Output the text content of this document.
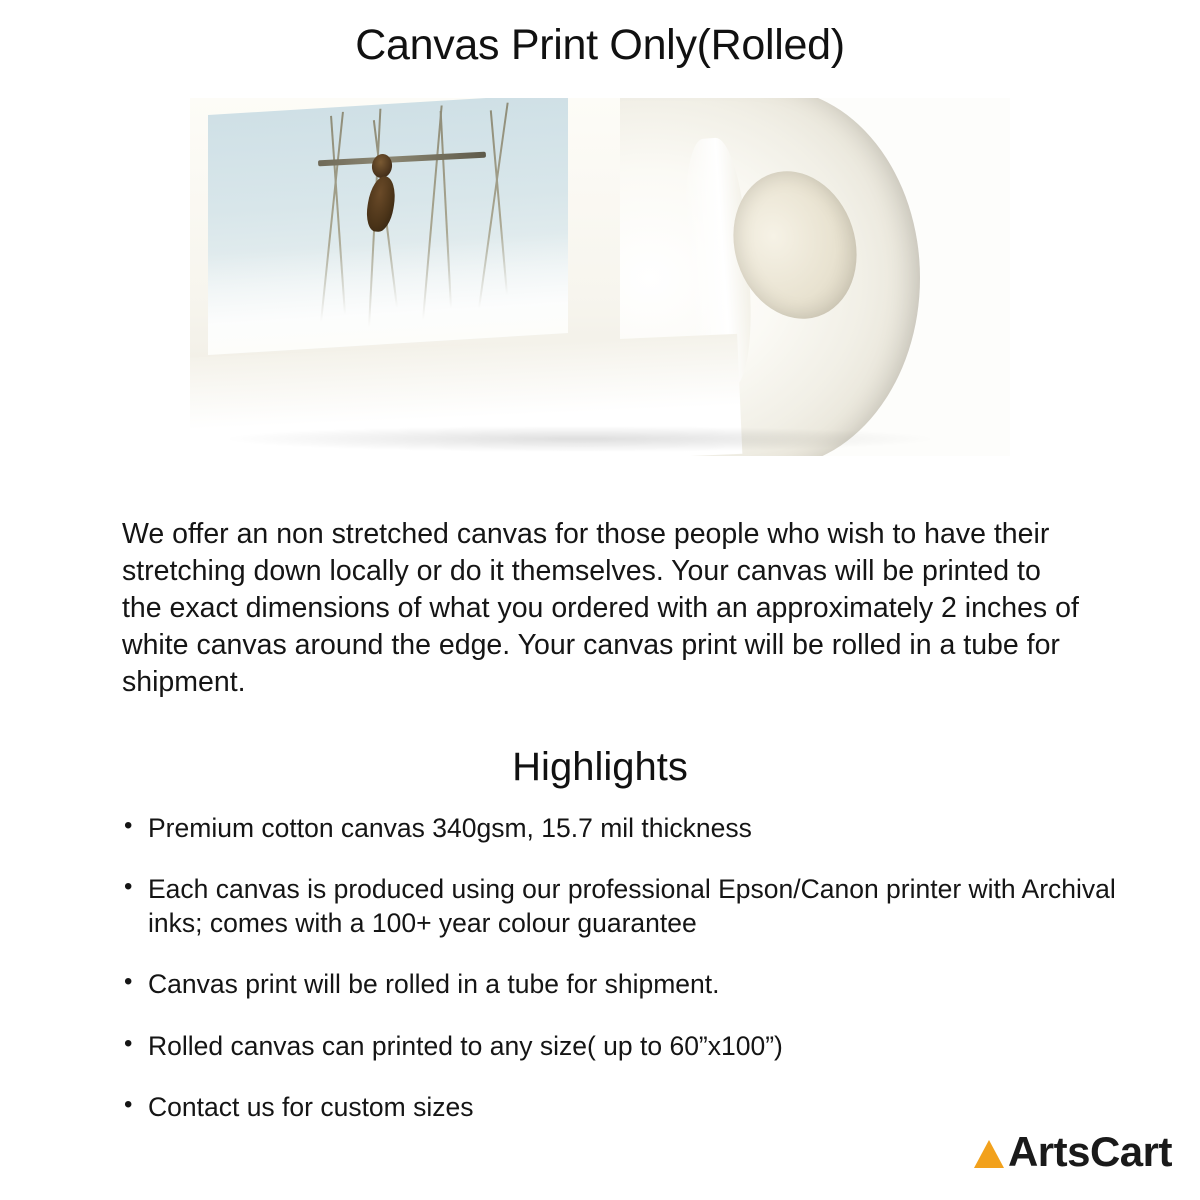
Canvas Print Only(Rolled)

We offer an non stretched canvas for those people who wish to have their stretching down locally or do it themselves. Your canvas will be printed to the exact dimensions of what you ordered with an approximately 2 inches of white canvas around the edge. Your canvas print will be rolled in a tube for shipment.

Highlights
• Premium cotton canvas 340gsm, 15.7 mil thickness
• Each canvas is produced using our professional Epson/Canon printer with Archival inks; comes with a 100+ year colour guarantee
• Canvas print will be rolled in a tube for shipment.
• Rolled canvas can printed to any size( up to 60”x100”)
• Contact us for custom sizes
ArtsCart
